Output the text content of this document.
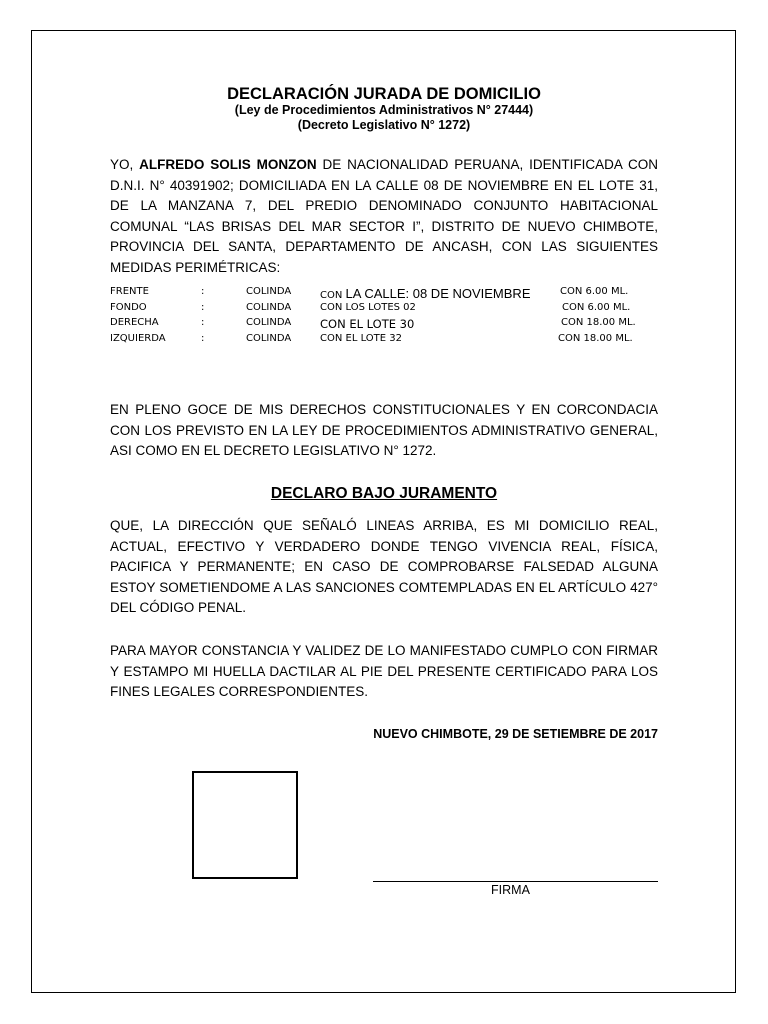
DECLARACIÓN JURADA DE DOMICILIO
(Ley de Procedimientos Administrativos N° 27444)
(Decreto Legislativo N° 1272)
YO, ALFREDO SOLIS MONZON DE NACIONALIDAD PERUANA, IDENTIFICADA CON D.N.I. N° 40391902; DOMICILIADA EN LA CALLE 08 DE NOVIEMBRE EN EL LOTE 31, DE LA MANZANA 7, DEL PREDIO DENOMINADO CONJUNTO HABITACIONAL COMUNAL “LAS BRISAS DEL MAR SECTOR I”, DISTRITO DE NUEVO CHIMBOTE, PROVINCIA DEL SANTA, DEPARTAMENTO DE ANCASH, CON LAS SIGUIENTES MEDIDAS PERIMÉTRICAS:
FRENTE	:	COLINDA	CON LA CALLE: 08 DE NOVIEMBRE	CON 6.00 ML.
FONDO	:	COLINDA	CON LOS LOTES 02	CON 6.00 ML.
DERECHA	:	COLINDA	CON EL LOTE 30	CON 18.00 ML.
IZQUIERDA	:	COLINDA	CON EL LOTE 32	CON 18.00 ML.
EN PLENO GOCE DE MIS DERECHOS CONSTITUCIONALES Y EN CORCONDACIA CON LOS PREVISTO EN LA LEY DE PROCEDIMIENTOS ADMINISTRATIVO GENERAL, ASI COMO EN EL DECRETO LEGISLATIVO N° 1272.
DECLARO BAJO JURAMENTO
QUE, LA DIRECCIÓN QUE SEÑALÓ LINEAS ARRIBA, ES MI DOMICILIO REAL, ACTUAL, EFECTIVO Y VERDADERO DONDE TENGO VIVENCIA REAL, FÍSICA, PACIFICA Y PERMANENTE; EN CASO DE COMPROBARSE FALSEDAD ALGUNA ESTOY SOMETIENDOME A LAS SANCIONES COMTEMPLADAS EN EL ARTÍCULO 427° DEL CÓDIGO PENAL.
PARA MAYOR CONSTANCIA Y VALIDEZ DE LO MANIFESTADO CUMPLO CON FIRMAR Y ESTAMPO MI HUELLA DACTILAR AL PIE DEL PRESENTE CERTIFICADO PARA LOS FINES LEGALES CORRESPONDIENTES.
NUEVO CHIMBOTE, 29 DE SETIEMBRE DE 2017
FIRMA
